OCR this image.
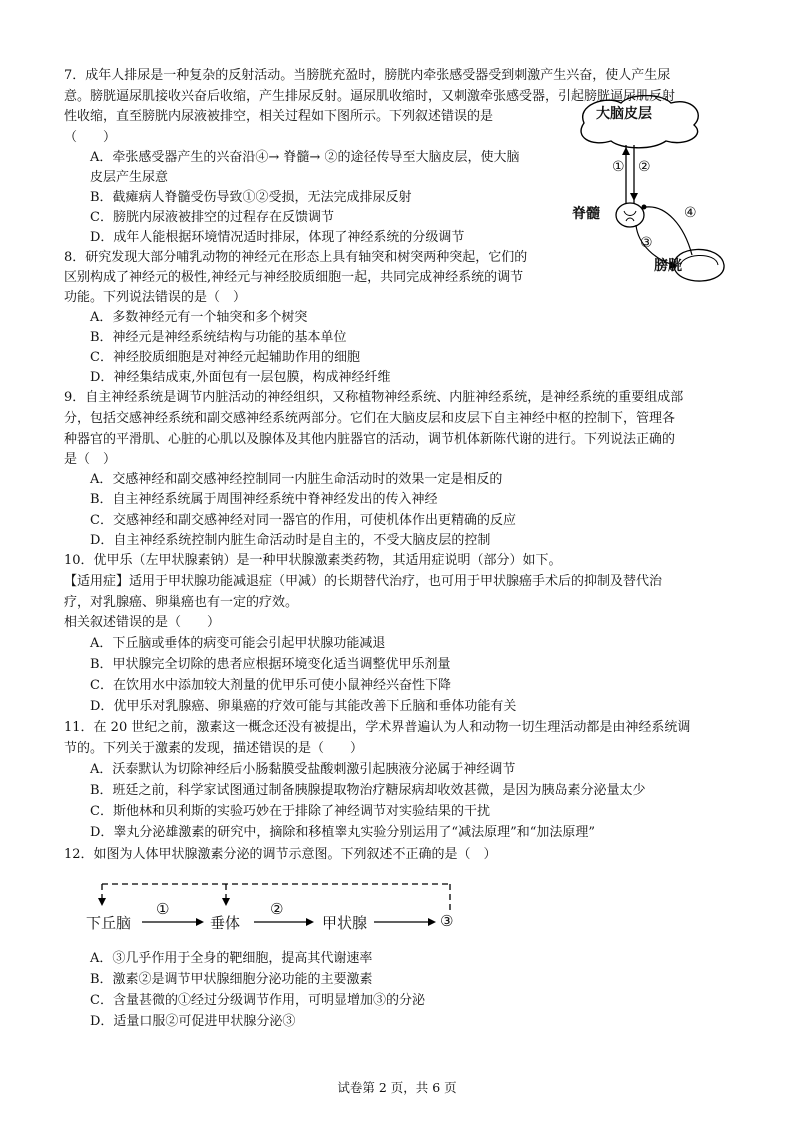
7．成年人排尿是一种复杂的反射活动。当膀胱充盈时，膀胱内牵张感受器受到刺激产生兴奋，使人产生尿
意。膀胱逼尿肌接收兴奋后收缩，产生排尿反射。逼尿肌收缩时，又刺激牵张感受器，引起膀胱逼尿肌反射
性收缩，直至膀胱内尿液被排空，相关过程如下图所示。下列叙述错误的是
（　　）
A．牵张感受器产生的兴奋沿④→ 脊髓→ ②的途径传导至大脑皮层，使大脑
皮层产生尿意
B．截瘫病人脊髓受伤导致①②受损，无法完成排尿反射
C．膀胱内尿液被排空的过程存在反馈调节
D．成年人能根据环境情况适时排尿，体现了神经系统的分级调节
大脑皮层
① ②
脊髓	④
③
膀胱
8．研究发现大部分哺乳动物的神经元在形态上具有轴突和树突两种突起，它们的
区别构成了神经元的极性,神经元与神经胶质细胞一起，共同完成神经系统的调节
功能。下列说法错误的是（　）
A．多数神经元有一个轴突和多个树突
B．神经元是神经系统结构与功能的基本单位
C．神经胶质细胞是对神经元起辅助作用的细胞
D．神经集结成束,外面包有一层包膜，构成神经纤维
9．自主神经系统是调节内脏活动的神经组织，又称植物神经系统、内脏神经系统，是神经系统的重要组成部
分，包括交感神经系统和副交感神经系统两部分。它们在大脑皮层和皮层下自主神经中枢的控制下，管理各
种器官的平滑肌、心脏的心肌以及腺体及其他内脏器官的活动，调节机体新陈代谢的进行。下列说法正确的
是（　）
A．交感神经和副交感神经控制同一内脏生命活动时的效果一定是相反的
B．自主神经系统属于周围神经系统中脊神经发出的传入神经
C．交感神经和副交感神经对同一器官的作用，可使机体作出更精确的反应
D．自主神经系统控制内脏生命活动时是自主的，不受大脑皮层的控制
10．优甲乐（左甲状腺素钠）是一种甲状腺激素类药物，其适用症说明（部分）如下。
【适用症】适用于甲状腺功能减退症（甲减）的长期替代治疗，也可用于甲状腺癌手术后的抑制及替代治
疗，对乳腺癌、卵巢癌也有一定的疗效。
相关叙述错误的是（　　）
A．下丘脑或垂体的病变可能会引起甲状腺功能减退
B．甲状腺完全切除的患者应根据环境变化适当调整优甲乐剂量
C．在饮用水中添加较大剂量的优甲乐可使小鼠神经兴奋性下降
D．优甲乐对乳腺癌、卵巢癌的疗效可能与其能改善下丘脑和垂体功能有关
11．在 20 世纪之前，激素这一概念还没有被提出，学术界普遍认为人和动物一切生理活动都是由神经系统调
节的。下列关于激素的发现，描述错误的是（　　）
A．沃泰默认为切除神经后小肠黏膜受盐酸刺激引起胰液分泌属于神经调节
B．班廷之前，科学家试图通过制备胰腺提取物治疗糖尿病却收效甚微，是因为胰岛素分泌量太少
C．斯他林和贝利斯的实验巧妙在于排除了神经调节对实验结果的干扰
D．睾丸分泌雄激素的研究中，摘除和移植睾丸实验分别运用了“减法原理”和“加法原理”
12．如图为人体甲状腺激素分泌的调节示意图。下列叙述不正确的是（　）
下丘脑
①
垂体
②
甲状腺	③
A．③几乎作用于全身的靶细胞，提高其代谢速率
B．激素②是调节甲状腺细胞分泌功能的主要激素
C．含量甚微的①经过分级调节作用，可明显增加③的分泌
D．适量口服②可促进甲状腺分泌③
试卷第 2 页，共 6 页
